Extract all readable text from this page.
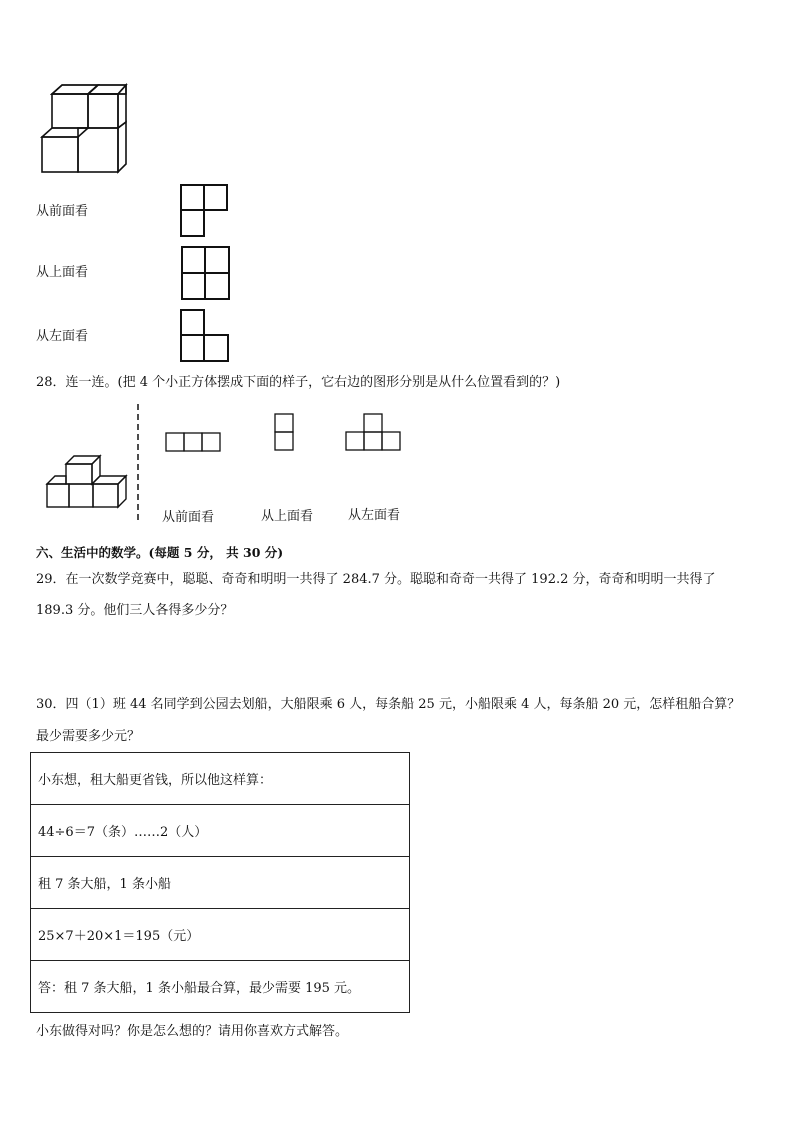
从前面看
从上面看
从左面看
28．连一连。(把 4 个小正方体摆成下面的样子，它右边的图形分别是从什么位置看到的？)
从前面看	从上面看	从左面看
六、生活中的数学。(每题 5 分， 共 30 分)
29．在一次数学竞赛中，聪聪、奇奇和明明一共得了 284.7 分。聪聪和奇奇一共得了 192.2 分，奇奇和明明一共得了
189.3 分。他们三人各得多少分？
30．四（1）班 44 名同学到公园去划船，大船限乘 6 人，每条船 25 元，小船限乘 4 人，每条船 20 元，怎样租船合算？
最少需要多少元？
小东想，租大船更省钱，所以他这样算：
44÷6＝7（条）……2（人）
租 7 条大船，1 条小船
25×7＋20×1＝195（元）
答：租 7 条大船，1 条小船最合算，最少需要 195 元。
小东做得对吗？你是怎么想的？请用你喜欢方式解答。
